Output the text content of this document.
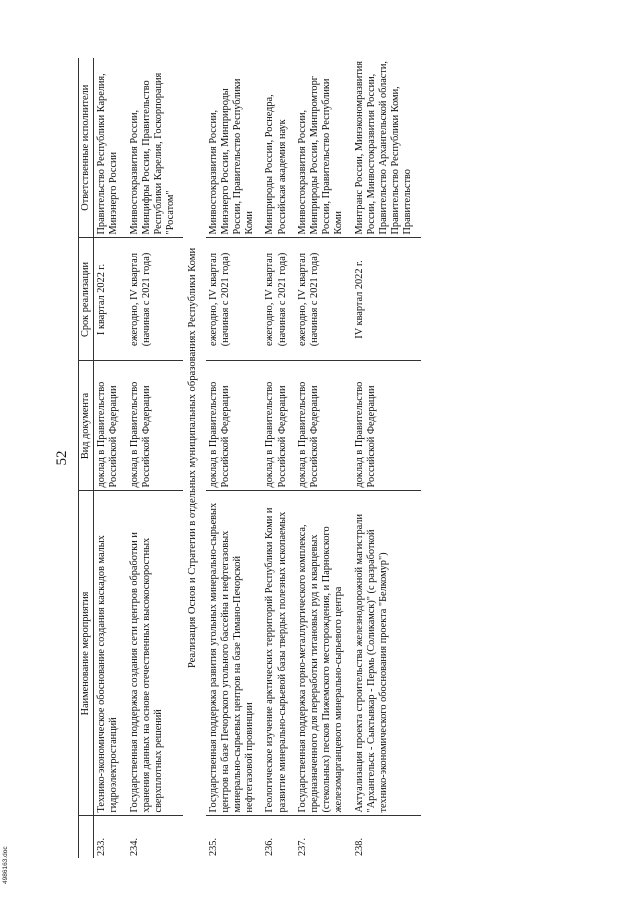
52
	Наименование мероприятия	Вид документа	Срок реализации	Ответственные исполнители
233.	Технико-экономическое обоснование создания каскадов малых гидроэлектростанций	доклад в Правительство Российской Федерации	I квартал 2022 г.	Правительство Республики Карелия, Минэнерго России
234.	Государственная поддержка создания сети центров обработки и хранения данных на основе отечественных высокоскоростных сверхплотных решений	доклад в Правительство Российской Федерации	ежегодно, IV квартал (начиная с 2021 года)	Минвостокразвития России, Минцифры России, Правительство Республики Карелия, Госкорпорация "Росатом"
Реализация Основ и Стратегии в отдельных муниципальных образованиях Республики Коми				
235.	Государственная поддержка развития угольных минерально-сырьевых центров на базе Печорского угольного бассейна и нефтегазовых минерально-сырьевых центров на базе Тимано-Печорской нефтегазовой провинции	доклад в Правительство Российской Федерации	ежегодно, IV квартал (начиная с 2021 года)	Минвостокразвития России, Минэнерго России, Минприроды России, Правительство Республики Коми
236.	Геологическое изучение арктических территорий Республики Коми и развитие минерально-сырьевой базы твердых полезных ископаемых	доклад в Правительство Российской Федерации	ежегодно, IV квартал (начиная с 2021 года)	Минприроды России, Роснедра, Российская академия наук
237.	Государственная поддержка горно-металлургического комплекса, предназначенного для переработки титановых руд и кварцевых (стекольных) песков Пижемского месторождения, и Парнокского железомарганцевого минерально-сырьевого центра	доклад в Правительство Российской Федерации	ежегодно, IV квартал (начиная с 2021 года)	Минвостокразвития России, Минприроды России, Минпромторг России, Правительство Республики Коми
238.	Актуализация проекта строительства железнодорожной магистрали "Архангельск - Сыктывкар - Пермь (Соликамск)" (с разработкой технико-экономического обоснования проекта "Белкомур")	доклад в Правительство Российской Федерации	IV квартал 2022 г.	Минтранс России, Минэкономразвития России, Минвостокразвития России, Правительство Архангельской области, Правительство Республики Коми, Правительство
4986163.doc
